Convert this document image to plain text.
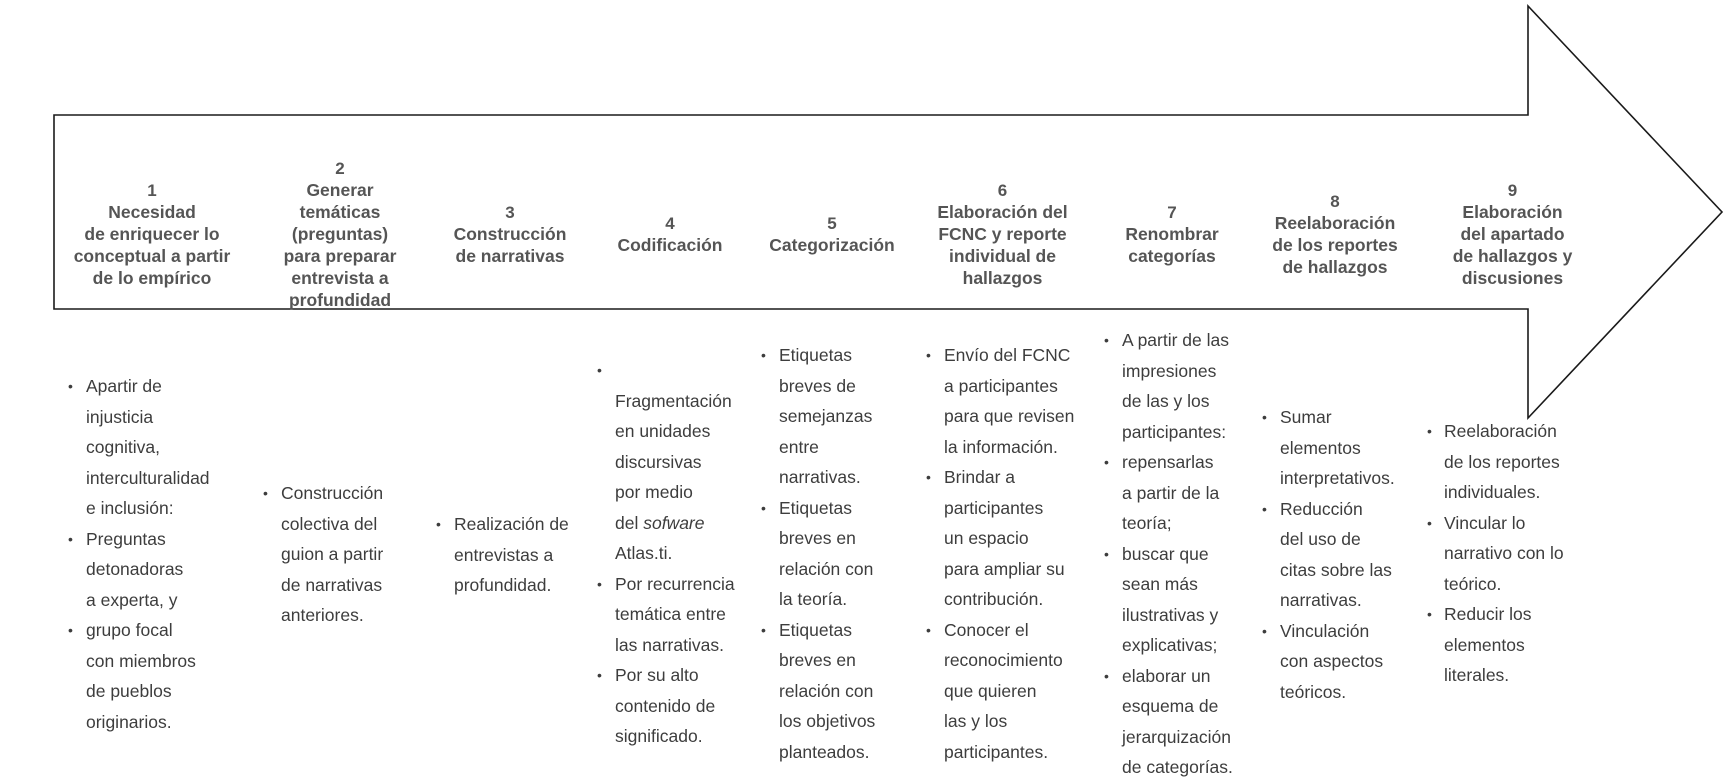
1
Necesidad
de enriquecer lo
conceptual a partir
de lo empírico
2
Generar
temáticas
(preguntas)
para preparar
entrevista a
profundidad
3
Construcción
de narrativas
4
Codificación
5
Categorización
6
Elaboración del
FCNC y reporte
individual de
hallazgos
7
Renombrar
categorías
8
Reelaboración
de los reportes
de hallazgos
9
Elaboración
del apartado
de hallazgos y
discusiones
• Apartir de
injusticia
cognitiva,
interculturalidad
e inclusión:
• Preguntas
detonadoras
a experta, y
• grupo focal
con miembros
de pueblos
originarios.
• Construcción
colectiva del
guion a partir
de narrativas
anteriores.
• Realización de
entrevistas a
profundidad.

• Fragmentación
en unidades
discursivas
por medio
del sofware
Atlas.ti.

• Por recurrencia
temática entre
las narrativas.
• Por su alto
contenido de
significado.
• Etiquetas
breves de
semejanzas
entre
narrativas.
• Etiquetas
breves en
relación con
la teoría.
• Etiquetas
breves en
relación con
los objetivos
planteados.
• Envío del FCNC
a participantes
para que revisen
la información.
• Brindar a
participantes
un espacio
para ampliar su
contribución.
• Conocer el
reconocimiento
que quieren
las y los
participantes.
• A partir de las
impresiones
de las y los
participantes:
• repensarlas
a partir de la
teoría;
• buscar que
sean más
ilustrativas y
explicativas;
• elaborar un
esquema de
jerarquización
de categorías.
• Sumar
elementos
interpretativos.
• Reducción
del uso de
citas sobre las
narrativas.
• Vinculación
con aspectos
teóricos.
• Reelaboración
de los reportes
individuales.
• Vincular lo
narrativo con lo
teórico.
• Reducir los
elementos
literales.
